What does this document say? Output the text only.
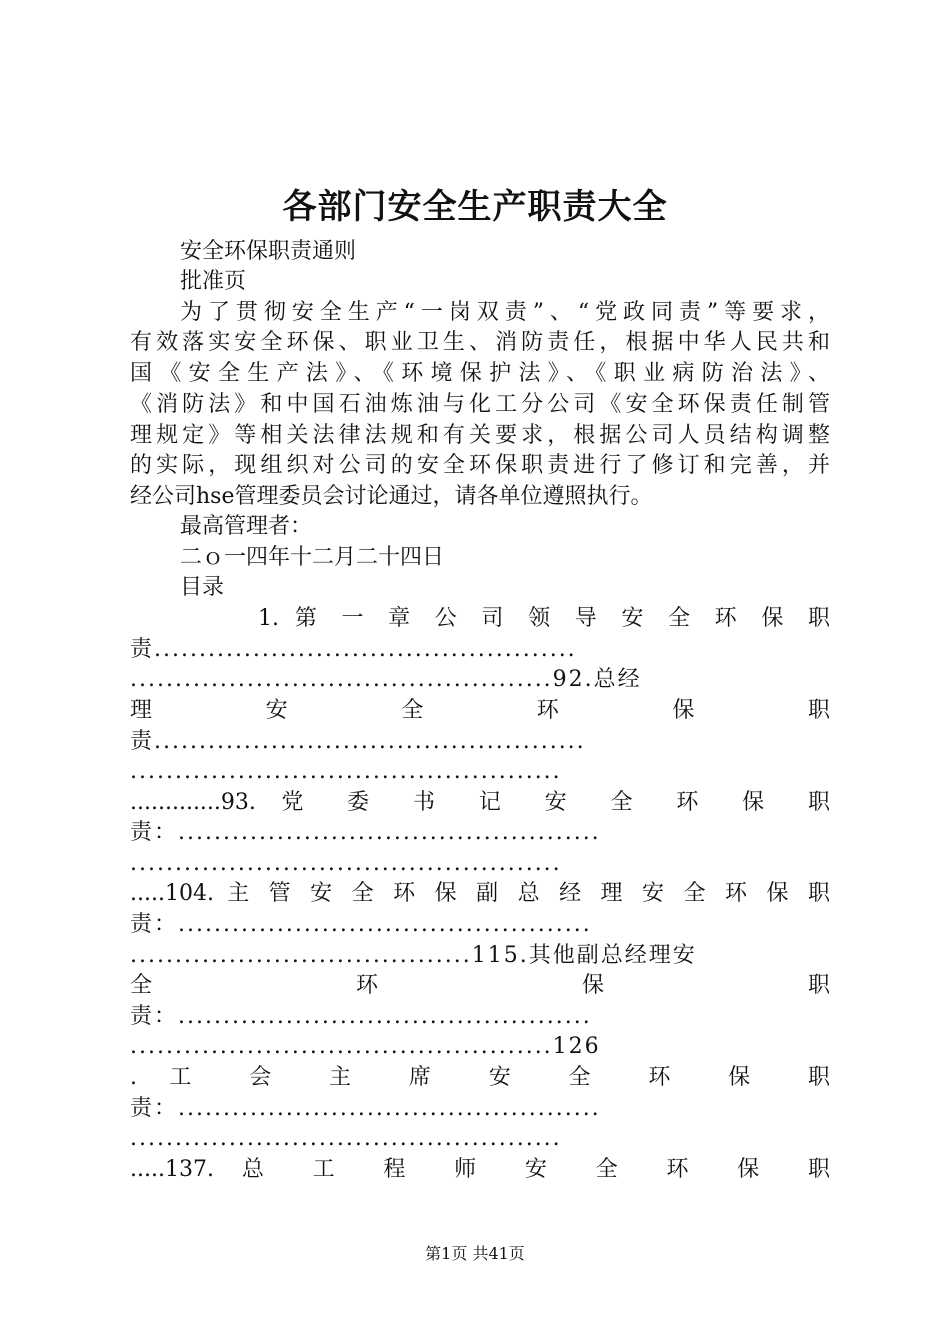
各部门安全生产职责大全
安全环保职责通则
批准页
为了贯彻安全生产“一岗双责”、“党政同责”等要求，
有效落实安全环保、职业卫生、消防责任，根据中华人民共和
国《安全生产法》、《环境保护法》、《职业病防治法》、
《消防法》和中国石油炼油与化工分公司《安全环保责任制管
理规定》等相关法律法规和有关要求，根据公司人员结构调整
的实际，现组织对公司的安全环保职责进行了修订和完善，并
经公司hse管理委员会讨论通过，请各单位遵照执行。
最高管理者：
二ｏ一四年十二月二十四日
目录
1. 第 一 章 公 司 领 导 安 全 环 保 职
责...............................................
...............................................92.总经
理 安 全 环 保 职
责................................................
................................................
.............93. 党 委 书 记 安 全 环 保 职
责：...............................................
................................................
.....104. 主 管 安 全 环 保 副 总 经 理 安 全 环 保 职
责：..............................................
......................................115.其他副总经理安
全 环 保 职
责：..............................................
...............................................126
. 工 会 主 席 安 全 环 保 职
责：...............................................
................................................
.....137. 总 工 程 师 安 全 环 保 职
第1页 共41页
